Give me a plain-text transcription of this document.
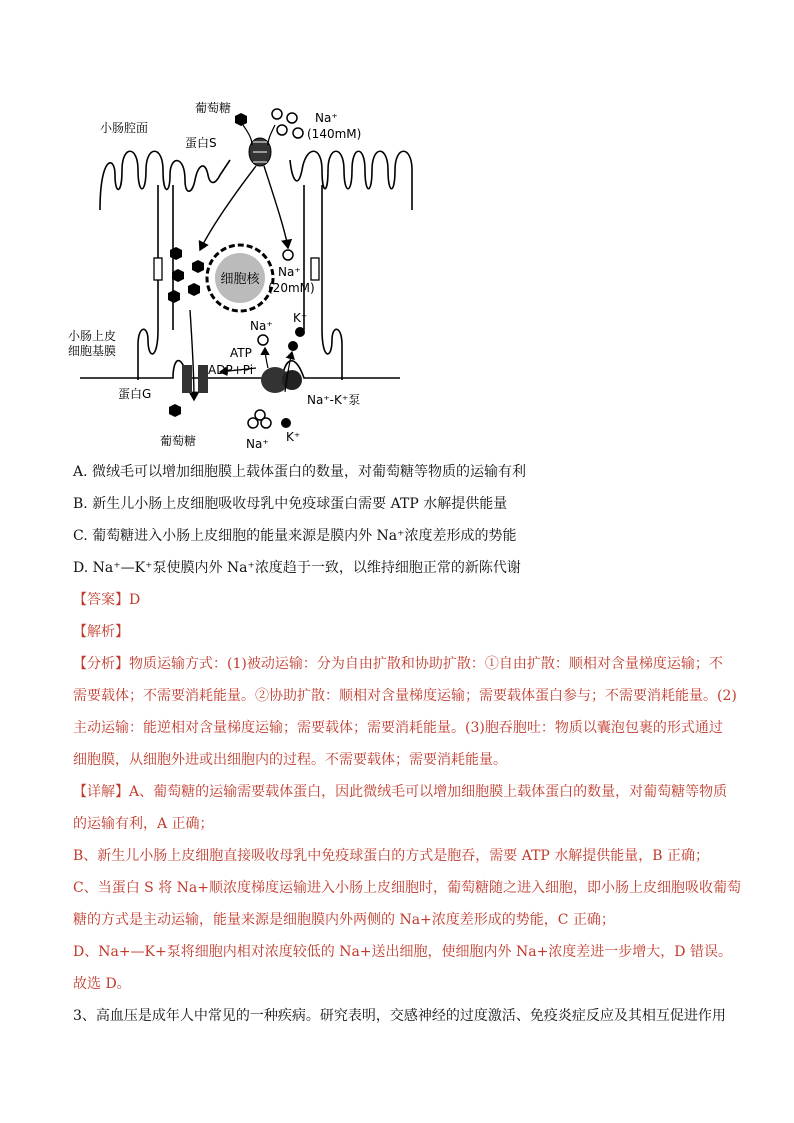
细胞核
葡萄糖
小肠腔面
蛋白S
Na⁺
(140mM)
Na⁺
(20mM)
小肠上皮
细胞基膜
Na⁺
K⁺
ATP
ADP+Pi
蛋白G	Na⁺-K⁺泵
葡萄糖	Na⁺ K⁺
A. 微绒毛可以增加细胞膜上载体蛋白的数量，对葡萄糖等物质的运输有利
B. 新生儿小肠上皮细胞吸收母乳中免疫球蛋白需要 ATP 水解提供能量
C. 葡萄糖进入小肠上皮细胞的能量来源是膜内外 Na⁺浓度差形成的势能
D. Na⁺—K⁺泵使膜内外 Na⁺浓度趋于一致，以维持细胞正常的新陈代谢
【答案】D
【解析】
【分析】物质运输方式：(1)被动运输：分为自由扩散和协助扩散：①自由扩散：顺相对含量梯度运输；不
需要载体；不需要消耗能量。②协助扩散：顺相对含量梯度运输；需要载体蛋白参与；不需要消耗能量。(2)
主动运输：能逆相对含量梯度运输；需要载体；需要消耗能量。(3)胞吞胞吐：物质以囊泡包裹的形式通过
细胞膜，从细胞外进或出细胞内的过程。不需要载体；需要消耗能量。
【详解】A、葡萄糖的运输需要载体蛋白，因此微绒毛可以增加细胞膜上载体蛋白的数量，对葡萄糖等物质
的运输有利，A 正确；
B、新生儿小肠上皮细胞直接吸收母乳中免疫球蛋白的方式是胞吞，需要 ATP 水解提供能量，B 正确；
C、当蛋白 S 将 Na+顺浓度梯度运输进入小肠上皮细胞时，葡萄糖随之进入细胞，即小肠上皮细胞吸收葡萄
糖的方式是主动运输，能量来源是细胞膜内外两侧的 Na+浓度差形成的势能，C 正确；
D、Na+—K+泵将细胞内相对浓度较低的 Na+送出细胞，使细胞内外 Na+浓度差进一步增大，D 错误。
故选 D。
3、高血压是成年人中常见的一种疾病。研究表明，交感神经的过度激活、免疫炎症反应及其相互促进作用
